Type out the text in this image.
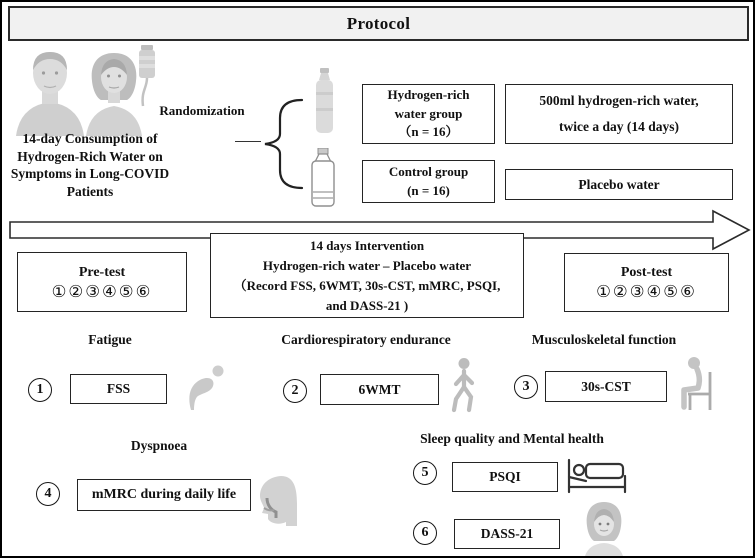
Protocol
Randomization
14-day Consumption of
Hydrogen-Rich Water on
Symptoms in Long-COVID
Patients
Hydrogen-rich
water group
（n = 16）
Control group
(n = 16)
500ml hydrogen-rich water,
twice a day (14 days)
Placebo water
Pre-test
①②③④⑤⑥
14 days Intervention
Hydrogen-rich water – Placebo water
（Record FSS, 6WMT, 30s-CST, mMRC, PSQI,
and DASS-21 )
Post-test
①②③④⑤⑥
Fatigue	Cardiorespiratory endurance	Musculoskeletal function
1	FSS	2	6WMT	3	30s-CST
Dyspnoea	Sleep quality and Mental health
4	mMRC during daily life
5	PSQI
6	DASS-21
